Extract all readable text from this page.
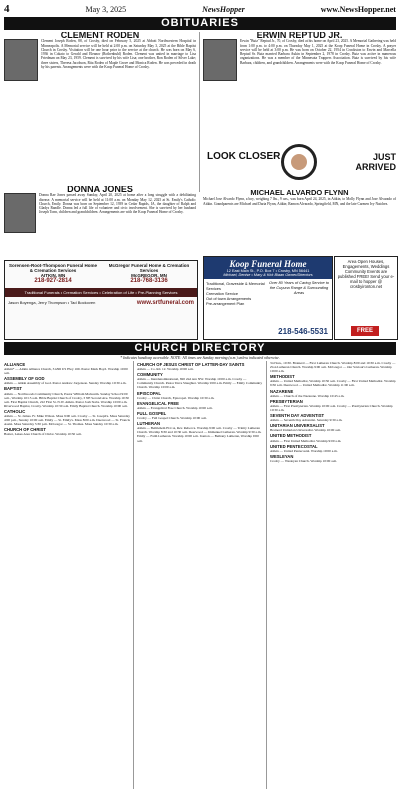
4	May 3, 2025	NewsHopper	www.NewsHopper.net
OBITUARIES
CLEMENT RODEN
Clement Joseph Roden, 88, of Crosby, died on February 5, 2025 at Abbott Northwestern Hospital in Minneapolis. A Memorial service will be held at 2:00 p.m. on Saturday May 3, 2025 at the Bible Baptist Church in Crosby. Visitation will be one hour prior to the service at the church. He was born on May 6, 1936 in Cokato to Gerald and Eleanor (Rothenbuhl) Roden. Clement was united in marriage to Lisa Friedman on May 23, 1959. Clement is survived by his wife Lisa; one brother, Ron Roden of Silver Lake; three sisters, Theresa Jacobson, Rita Roden of Maple Grove and Monica Roden. He was preceded in death by his parents. Arrangements were with the Koop Funeral Home of Crosby.
ERWIN REPTUD JR.
Erwin "Butz" Reptud Jr., 70, of Crosby, died at his home on April 23, 2025. A Memorial Gathering was held from 1:00 p.m. to 4:00 p.m. on Thursday May 1, 2025 at the Koop Funeral Home in Crosby. A prayer service will be held at 3:00 p.m. He was born on October 22, 1954 in Crookston to Erwin and Marcella Reptud Sr. Butz married Barbara Aukin in September 2, 1978 in Crosby. Butz was active in numerous organizations. He was a member of the Minnesota Trappers Association. Butz is survived by his wife Barbara, children, and grandchildren. Arrangements were with the Koop Funeral Home of Crosby.
DONNA JONES
Donna Rae Jones passed away Sunday, April 20, 2025 at home after a long struggle with a debilitating disease. A memorial service will be held at 11:00 a.m. on Monday May 12, 2025 at St. Emily's Catholic Church, Emily. Donna was born on September 12, 1939 in Cedar Rapids, IA, the daughter of Ralph and Gladys Randle. Donna led a full life of volunteer and civic involvement. She is survived by her husband Joseph Tonn, children and grandchildren. Arrangements are with the Koop Funeral Home of Crosby.
Sorensen-Root-Thompson Funeral Home & Cremation Services
AITKIN, MN
218-927-2814
McGregor Funeral Home & Cremation Services
McGREGOR, MN
218-768-3136
Traditional Funerals • Cremation Services • Celebration of Life • Pre-Planning Services
Jason Boyenga, Jerry Thompson • Tad Bockoven	www.srtfuneral.com
LOOK CLOSER	JUST ARRIVED
MICHAEL ALVARDO FLYNN
Michael Jose Alvardo Flynn, a boy, weighing 7 lbs., 9 ozs., was born April 24, 2025, in Aitkin, to Molly Flynn and Jose Alvarado of Aitkin. Grandparents are Michael and Daria Flynn, Aitkin; Ramon Alvarado, Springfield, MN, and the late Carmen Ivy Natchez.
Koop Funeral Home
12 East Main St., P.O. Box 7 • Crosby, MN 56441
Michael, Denise • Mary & Kirk Blaan Owner/Directors
Traditional, Graveside & Memorial Services
Cremation Service
Out of town Arrangements
Pre-arrangement Plan
Over 80 Years of Caring Service to the Cuyuna Range & Surrounding Areas
218-546-5531
Area Open Houses, Engagements, Weddings Community Events are published FREE! Send your e-mail to hopper @ crosbyironton.net
FREE
CHURCH DIRECTORY
* Indicates handicap accessible. NOTE: All times are Sunday morning (a.m.) unless indicated otherwise.
ALLIANCE
Aitkin* — Aitkin Alliance Church, 31296 US Hwy 169. Pastor Mark Boyd. Worship 10:00 a.m.
ASSEMBLY OF GOD
Aitkin — Aitkin Assembly of God. Pastor Andrew Jorgenson. Sunday Worship 10:30 a.m.
BAPTIST
Aitkin — Northwoods Community Church, Pastor William Maiwurm. Sunday School 9:00 a.m., Worship 10:15 a.m. Bible Baptist Church of Crosby, 3 NE Second Ave. Worship 10:30 a.m. First Baptist Church, 222 First St. N.W. Aitkin. Pastor Josh Stabs. Worship 10:00 a.m. Riverwood Baptist, Crosby. Worship 10:30 a.m. Emily Baptist Church. Worship 10:00 a.m.
CATHOLIC
Aitkin — St. James. Fr. Mike Wilson. Mass 9:00 a.m. Crosby — St. Joseph's. Mass Saturday 4:00 p.m., Sunday 10:00 a.m. Emily — St. Emily's. Mass 8:00 a.m. Deerwood — St. Francis Assisi. Mass Saturday 5:30 p.m. McGregor — St. Thomas. Mass Sunday 10:30 a.m.
CHURCH OF CHRIST
Baxter, Lakes Area Church of Christ. Worship 10:30 a.m.
CHURCH OF JESUS CHRIST OF LATTER-DAY SAINTS
Aitkin — Co. Rd. 12. Worship 10:00 a.m.
COMMUNITY
Aitkin — Interdenominational, 820 2nd Ave NW. Worship 10:00 a.m. Crosby — Community Church. Pastor Dave Slaughter. Worship 9:00 a.m. Emily — Emily Community Church. Worship 10:00 a.m.
EPISCOPAL
Crosby — Christ Church, Episcopal. Worship 10:30 a.m.
EVANGELICAL FREE
Aitkin — Evangelical Free Church. Worship 10:00 a.m.
FULL GOSPEL
Crosby — Full Gospel Church. Worship 10:00 a.m.
LUTHERAN
Aitkin — Bethlehem ELCA, Rev. Rebecca. Worship 9:00 a.m. Crosby — Trinity Lutheran Church. Worship 8:30 and 10:30 a.m. Deerwood — Immanuel Lutheran. Worship 9:30 a.m. Emily — Faith Lutheran. Worship 10:00 a.m. Ironton — Bethany Lutheran, Worship 9:00 a.m.
3rd Sun., 10:30. Brainerd — First Lutheran Church. Worship 8:00 and 10:30 a.m. Crosby — Zion Lutheran Church. Worship 9:00 a.m. McGregor — Our Saviour's Lutheran. Worship 10:00 a.m.
METHODIST
Aitkin — United Methodist, Worship 10:30 a.m. Crosby — First United Methodist. Worship 9:30 a.m. Deerwood — United Methodist. Worship 11:00 a.m.
NAZARENE
Aitkin — Church of the Nazarene. Worship 10:45 a.m.
PRESBYTERIAN
Aitkin — First Presbyterian. Worship 10:00 a.m. Crosby — Presbyterian Church. Worship 10:30 a.m.
SEVENTH DAY ADVENTIST
Aitkin — Seventh Day Adventist. Saturday 9:30 a.m.
UNITARIAN UNIVERSALIST
Brainerd Unitarian Universalist. Worship 10:00 a.m.
UNITED METHODIST
Aitkin — First United Methodist. Worship 9:00 a.m.
UNITED PENTECOSTAL
Aitkin — United Pentecostal. Worship 10:00 a.m.
WESLEYAN
Crosby — Wesleyan Church. Worship 10:00 a.m.
